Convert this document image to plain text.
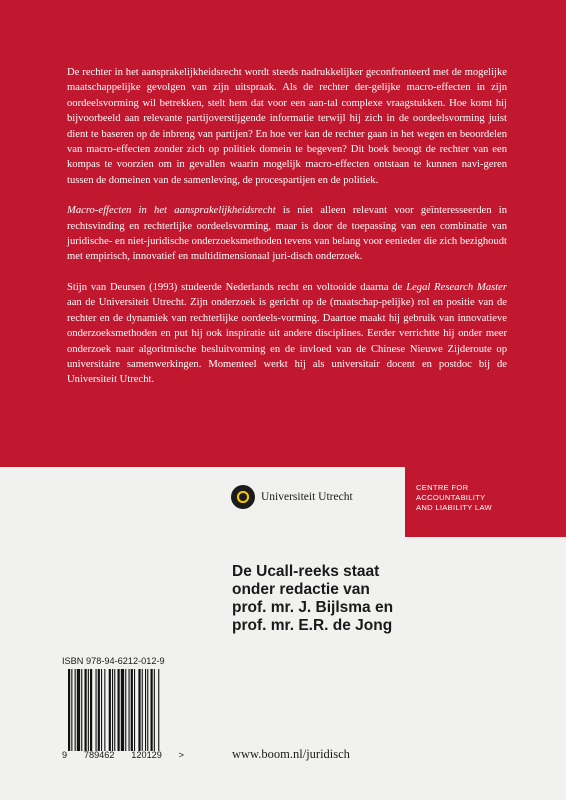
De rechter in het aansprakelijkheidsrecht wordt steeds nadrukkelijker geconfronteerd met de mogelijke maatschappelijke gevolgen van zijn uitspraak. Als de rechter der-gelijke macro-effecten in zijn oordeelsvorming wil betrekken, stelt hem dat voor een aan-tal complexe vraagstukken. Hoe komt hij bijvoorbeeld aan relevante partijoverstijgende informatie terwijl hij zich in de oordeelsvorming juist dient te baseren op de inbreng van partijen? En hoe ver kan de rechter gaan in het wegen en beoordelen van macro-effecten zonder zich op politiek domein te begeven? Dit boek beoogt de rechter van een kompas te voorzien om in gevallen waarin mogelijk macro-effecten ontstaan te kunnen navi-geren tussen de domeinen van de samenleving, de procespartijen en de politiek.

Macro-effecten in het aansprakelijkheidsrecht is niet alleen relevant voor geïnteresseerden in rechtsvinding en rechterlijke oordeelsvorming, maar is door de toepassing van een combinatie van juridische- en niet-juridische onderzoeksmethoden tevens van belang voor eenieder die zich bezighoudt met empirisch, innovatief en multidimensionaal juri-disch onderzoek.

Stijn van Deursen (1993) studeerde Nederlands recht en voltooide daarna de Legal Research Master aan de Universiteit Utrecht. Zijn onderzoek is gericht op de (maatschap-pelijke) rol en positie van de rechter en de dynamiek van rechterlijke oordeels-vorming. Daartoe maakt hij gebruik van innovatieve onderzoeksmethoden en put hij ook inspiratie uit andere disciplines. Eerder verrichtte hij onder meer onderzoek naar algoritmische besluitvorming en de invloed van de Chinese Nieuwe Zijderoute op universitaire samenwerkingen. Momenteel werkt hij als universitair docent en postdoc bij de Universiteit Utrecht.

Universiteit Utrecht
CENTRE FOR
ACCOUNTABILITY
AND LIABILITY LAW
De Ucall-reeks staat
onder redactie van
prof. mr. J. Bijlsma en
prof. mr. E.R. de Jong
ISBN 978-94-6212-012-9
9 789462 120129 >	www.boom.nl/juridisch
